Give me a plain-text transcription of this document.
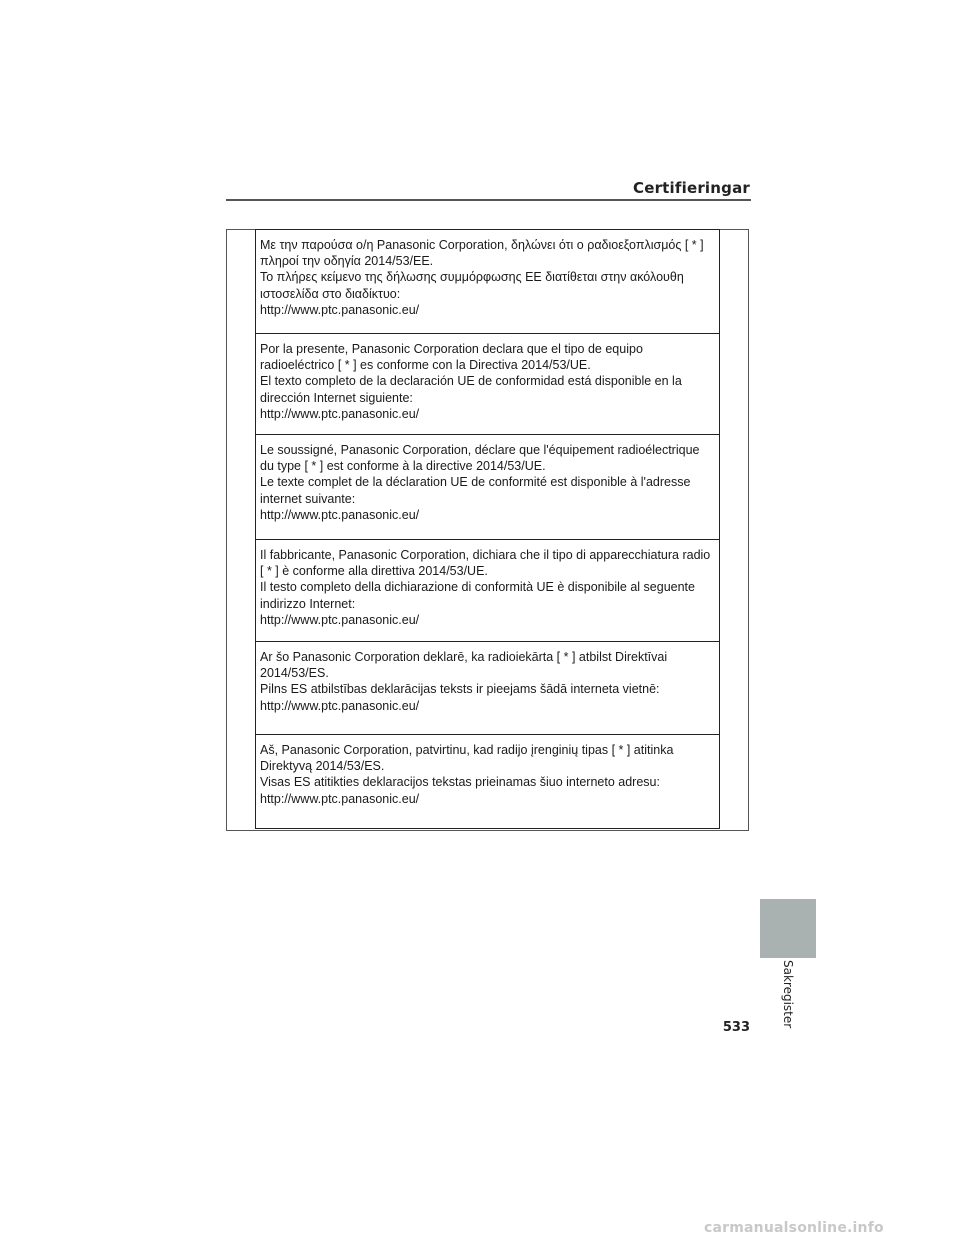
Certifieringar
Με την παρούσα ο/η Panasonic Corporation, δηλώνει ότι ο ραδιοεξοπλισμός [ * ]
πληροί την οδηγία 2014/53/ΕΕ.
Το πλήρες κείμενο της δήλωσης συμμόρφωσης ΕΕ διατίθεται στην ακόλουθη
ιστοσελίδα στο διαδίκτυο:
http://www.ptc.panasonic.eu/
Por la presente, Panasonic Corporation declara que el tipo de equipo
radioeléctrico [ * ] es conforme con la Directiva 2014/53/UE.
El texto completo de la declaración UE de conformidad está disponible en la
dirección Internet siguiente:
http://www.ptc.panasonic.eu/
Le soussigné, Panasonic Corporation, déclare que l'équipement radioélectrique
du type [ * ] est conforme à la directive 2014/53/UE.
Le texte complet de la déclaration UE de conformité est disponible à l'adresse
internet suivante:
http://www.ptc.panasonic.eu/
Il fabbricante, Panasonic Corporation, dichiara che il tipo di apparecchiatura radio
[ * ] è conforme alla direttiva 2014/53/UE.
Il testo completo della dichiarazione di conformità UE è disponibile al seguente
indirizzo Internet:
http://www.ptc.panasonic.eu/
Ar šo Panasonic Corporation deklarē, ka radioiekārta [ * ] atbilst Direktīvai
2014/53/ES.
Pilns ES atbilstības deklarācijas teksts ir pieejams šādā interneta vietnē:
http://www.ptc.panasonic.eu/
Aš, Panasonic Corporation, patvirtinu, kad radijo įrenginių tipas [ * ] atitinka
Direktyvą 2014/53/ES.
Visas ES atitikties deklaracijos tekstas prieinamas šiuo interneto adresu:
http://www.ptc.panasonic.eu/
Sakregister
533
carmanualsonline.info
